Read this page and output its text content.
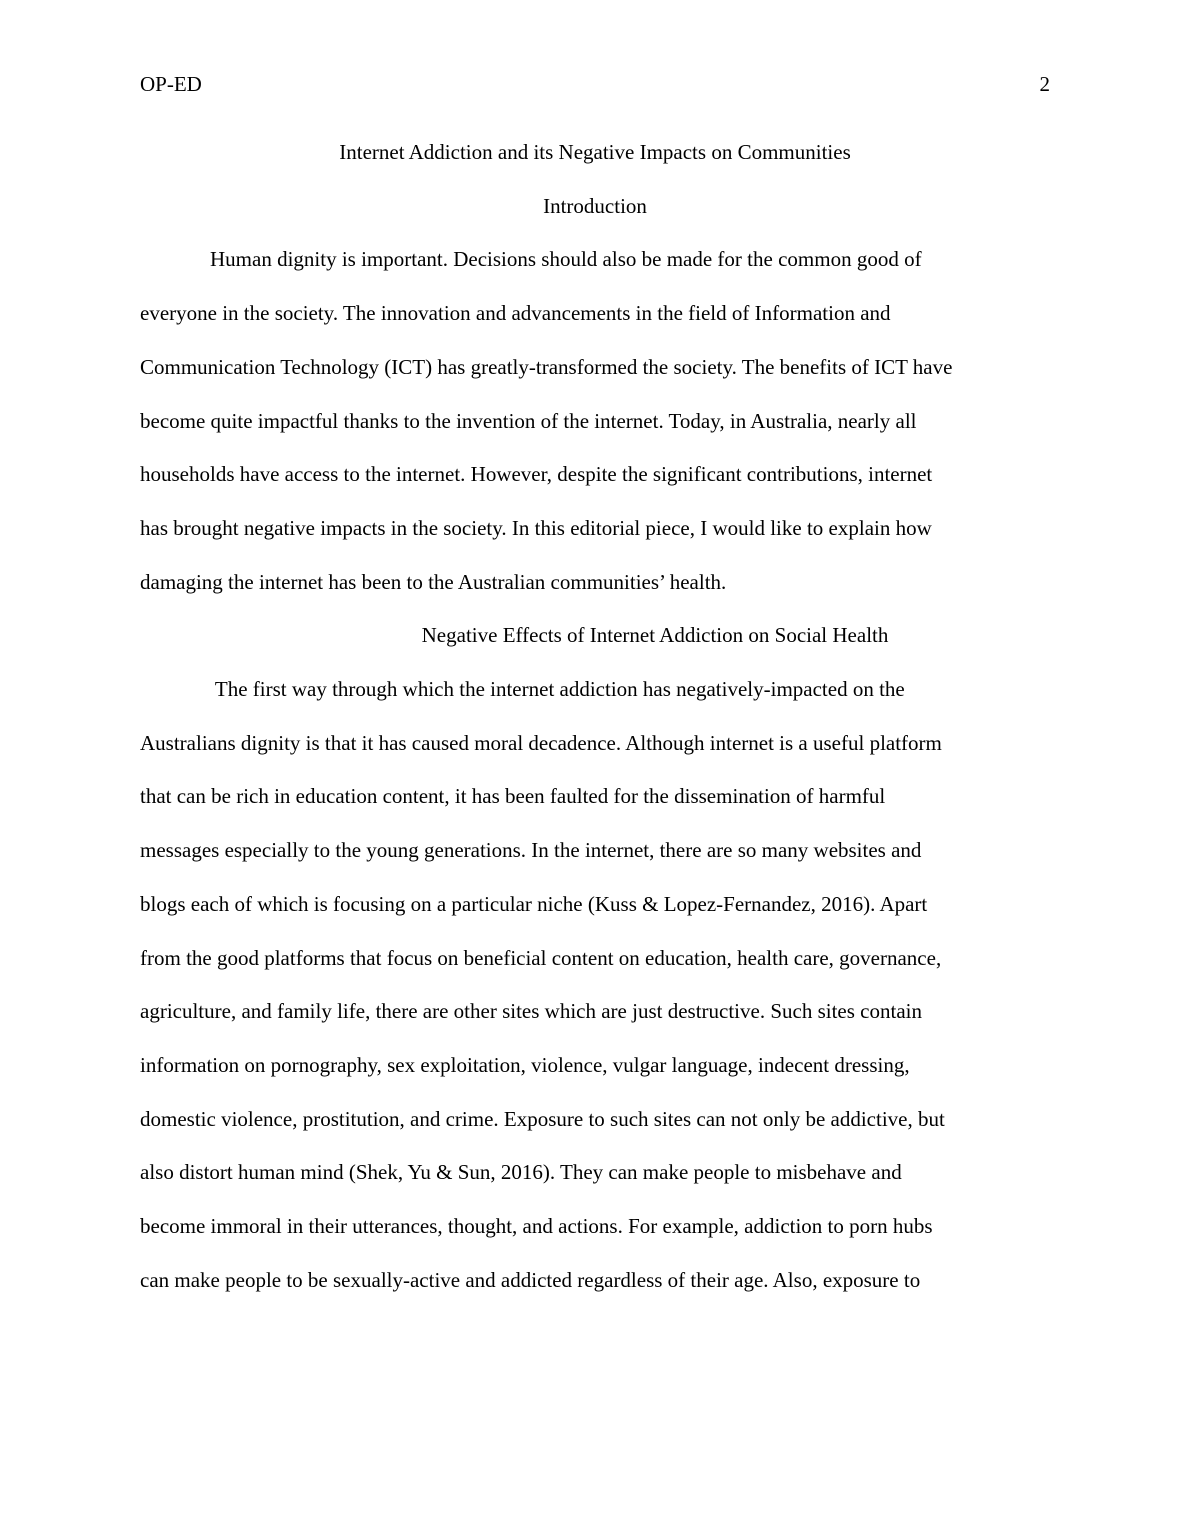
OP-ED	2
Internet Addiction and its Negative Impacts on Communities
Introduction
Human dignity is important. Decisions should also be made for the common good of
everyone in the society. The innovation and advancements in the field of Information and
Communication Technology (ICT) has greatly-transformed the society. The benefits of ICT have
become quite impactful thanks to the invention of the internet. Today, in Australia, nearly all
households have access to the internet. However, despite the significant contributions, internet
has brought negative impacts in the society. In this editorial piece, I would like to explain how
damaging the internet has been to the Australian communities’ health.
Negative Effects of Internet Addiction on Social Health
The first way through which the internet addiction has negatively-impacted on the
Australians dignity is that it has caused moral decadence. Although internet is a useful platform
that can be rich in education content, it has been faulted for the dissemination of harmful
messages especially to the young generations. In the internet, there are so many websites and
blogs each of which is focusing on a particular niche (Kuss & Lopez-Fernandez, 2016). Apart
from the good platforms that focus on beneficial content on education, health care, governance,
agriculture, and family life, there are other sites which are just destructive. Such sites contain
information on pornography, sex exploitation, violence, vulgar language, indecent dressing,
domestic violence, prostitution, and crime. Exposure to such sites can not only be addictive, but
also distort human mind (Shek, Yu & Sun, 2016). They can make people to misbehave and
become immoral in their utterances, thought, and actions. For example, addiction to porn hubs
can make people to be sexually-active and addicted regardless of their age. Also, exposure to
